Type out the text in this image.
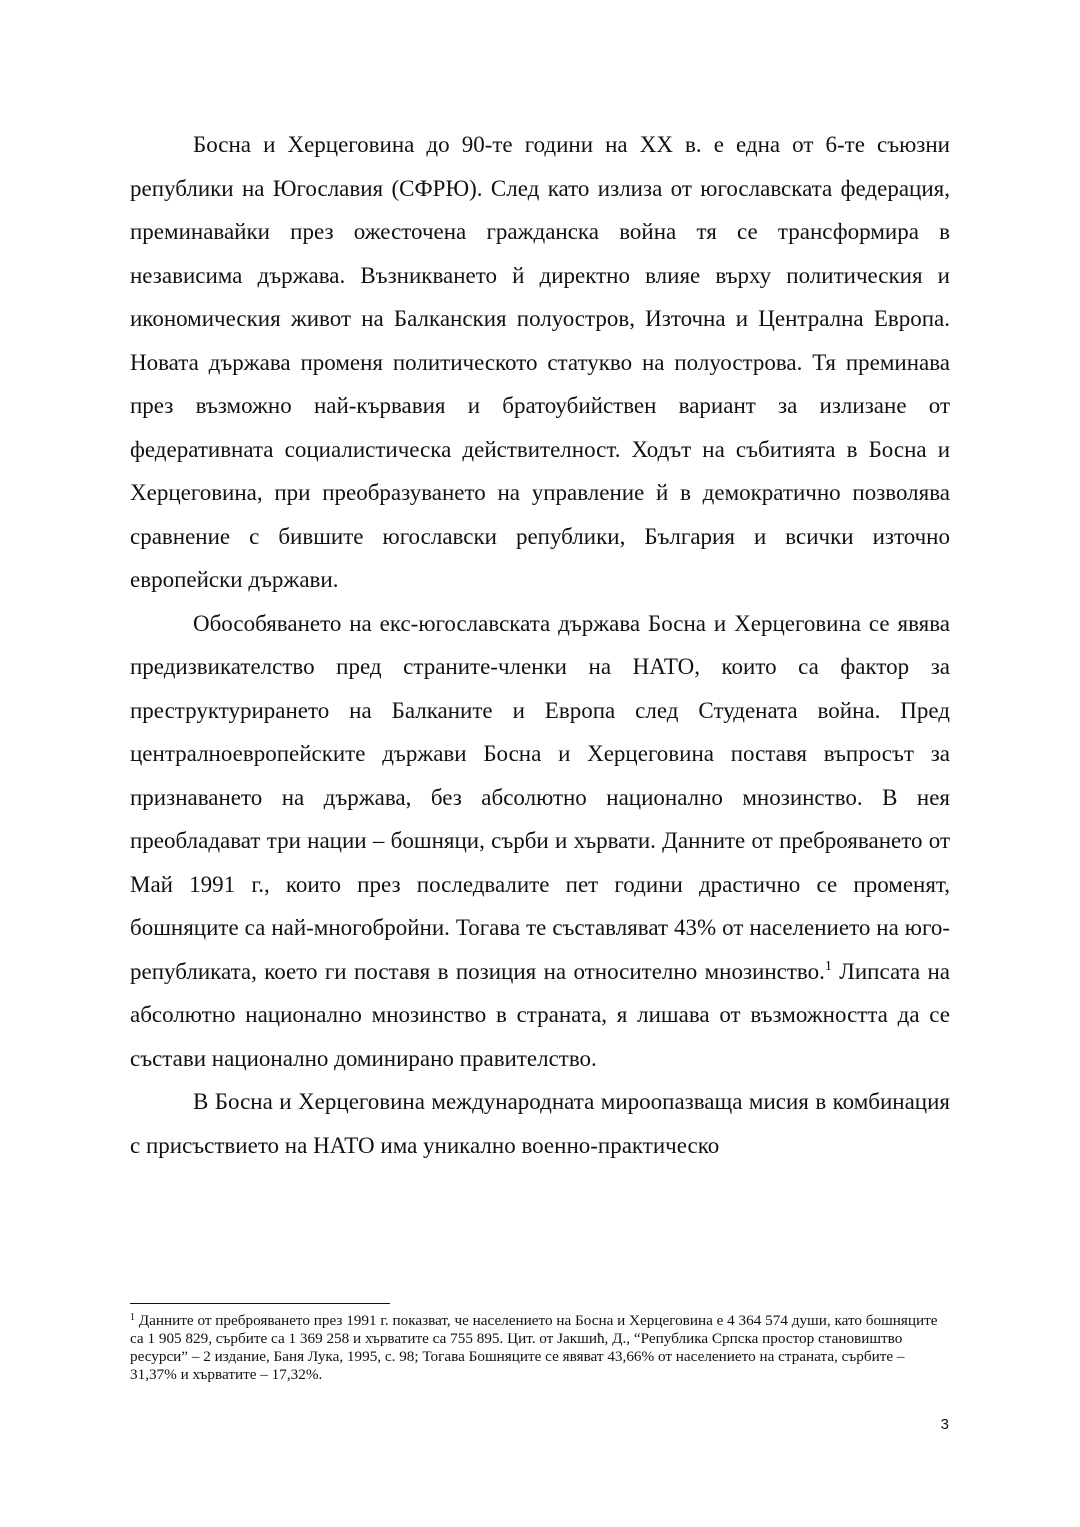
Босна и Херцеговина до 90-те години на ХХ в. е една от 6-те съюзни републики на Югославия (СФРЮ). След като излиза от югославската федерация, преминавайки през ожесточена гражданска война тя се трансформира в независима държава. Възникването й директно влияе върху политическия и икономическия живот на Балканския полуостров, Източна и Централна Европа. Новата държава променя политическото статукво на полуострова. Тя преминава през възможно най-кървавия и братоубийствен вариант за излизане от федеративната социалистическа действителност. Ходът на събитията в Босна и Херцеговина, при преобразуването на управление й в демократично позволява сравнение с бившите югославски републики, България и всички източно европейски държави.

Обособяването на екс-югославската държава Босна и Херцеговина се явява предизвикателство пред страните-членки на НАТО, които са фактор за преструктурирането на Балканите и Европа след Студената война. Пред централноевропейските държави Босна и Херцеговина поставя въпросът за признаването на държава, без абсолютно национално мнозинство. В нея преобладават три нации – бошняци, сърби и хървати. Данните от преброяването от Май 1991 г., които през последвалите пет години драстично се променят, бошняците са най-многобройни. Тогава те съставляват 43% от населението на юго-републиката, което ги поставя в позиция на относително мнозинство.$^1$ Липсата на абсолютно национално мнозинство в страната, я лишава от възможността да се състави национално доминирано правителство.

В Босна и Херцеговина международната мироопазваща мисия в комбинация с присъствието на НАТО има уникално военно-практическо

$^1$ Данните от преброяването през 1991 г. показват, че населението на Босна и Херцеговина е 4 364 574 души, като бошняците са 1 905 829, сърбите са 1 369 258 и хърватите са 755 895. Цит. от Јакшић, Д., “Република Српска простор становиштво ресурси” – 2 издание, Баня Лука, 1995, с. 98; Тогава Бошняците се явяват 43,66% от населението на страната, сърбите – 31,37% и хърватите – 17,32%.
3
